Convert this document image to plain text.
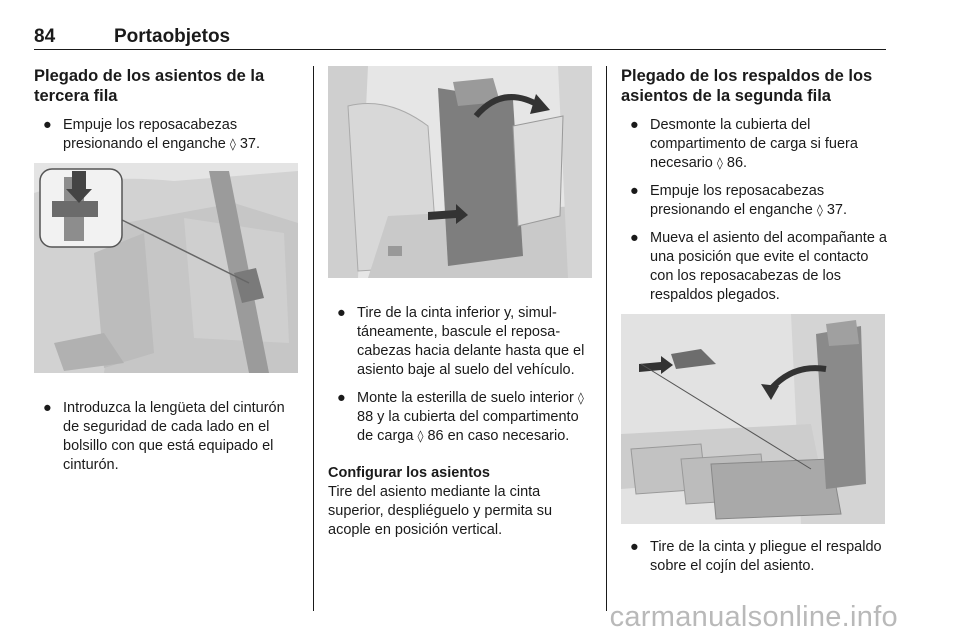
84	Portaobjetos
Plegado de los asientos de la tercera fila
● Empuje los reposacabezas presionando el enganche ◊ 37.
● Introduzca la lengüeta del cinturón de seguridad de cada lado en el bolsillo con que está equipado el cinturón.
● Tire de la cinta inferior y, simultáneamente, bascule el reposacabezas hacia delante hasta que el asiento baje al suelo del vehículo.
● Monte la esterilla de suelo interior ◊ 88 y la cubierta del compartimento de carga ◊ 86 en caso necesario.
Configurar los asientos

Tire del asiento mediante la cinta superior, despliéguelo y permita su acople en posición vertical.

Plegado de los respaldos de los asientos de la segunda fila
● Desmonte la cubierta del compartimento de carga si fuera necesario ◊ 86.
● Empuje los reposacabezas presionando el enganche ◊ 37.
● Mueva el asiento del acompañante a una posición que evite el contacto con los reposacabezas de los respaldos plegados.
● Tire de la cinta y pliegue el respaldo sobre el cojín del asiento.
carmanualsonline.info
